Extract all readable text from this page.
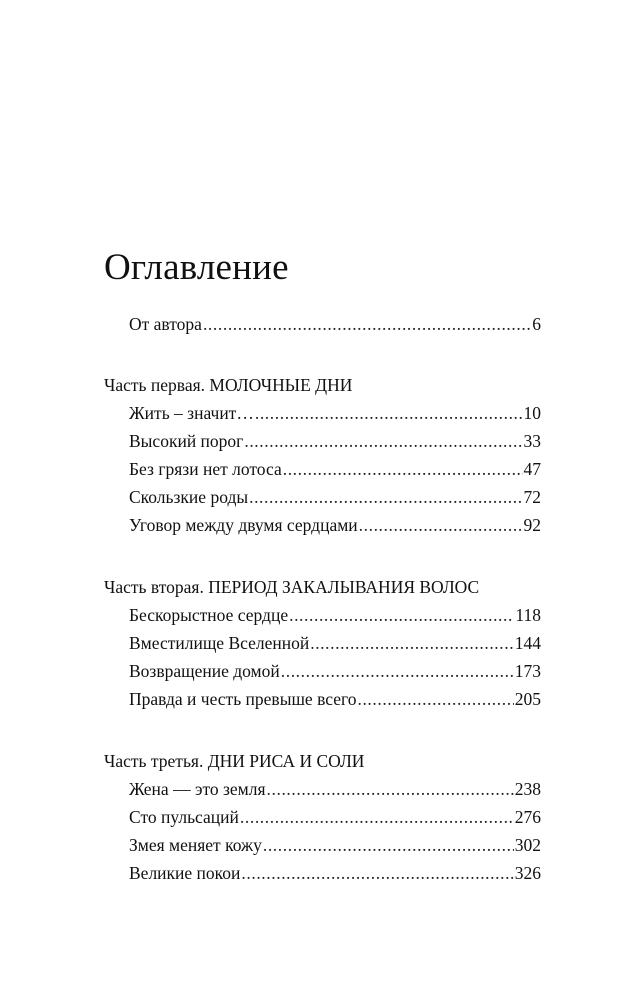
Оглавление
От автора .....	6
Часть первая. МОЛОЧНЫЕ ДНИ
Жить – значит… .....	10
Высокий порог .....	33
Без грязи нет лотоса .....	47
Скользкие роды .....	72
Уговор между двумя сердцами .....	92
Часть вторая. ПЕРИОД ЗАКАЛЫВАНИЯ ВОЛОС
Бескорыстное сердце .....	118
Вместилище Вселенной .....	144
Возвращение домой .....	173
Правда и честь превыше всего .....	205
Часть третья. ДНИ РИСА И СОЛИ
Жена — это земля .....	238
Сто пульсаций .....	276
Змея меняет кожу .....	302
Великие покои .....	326
